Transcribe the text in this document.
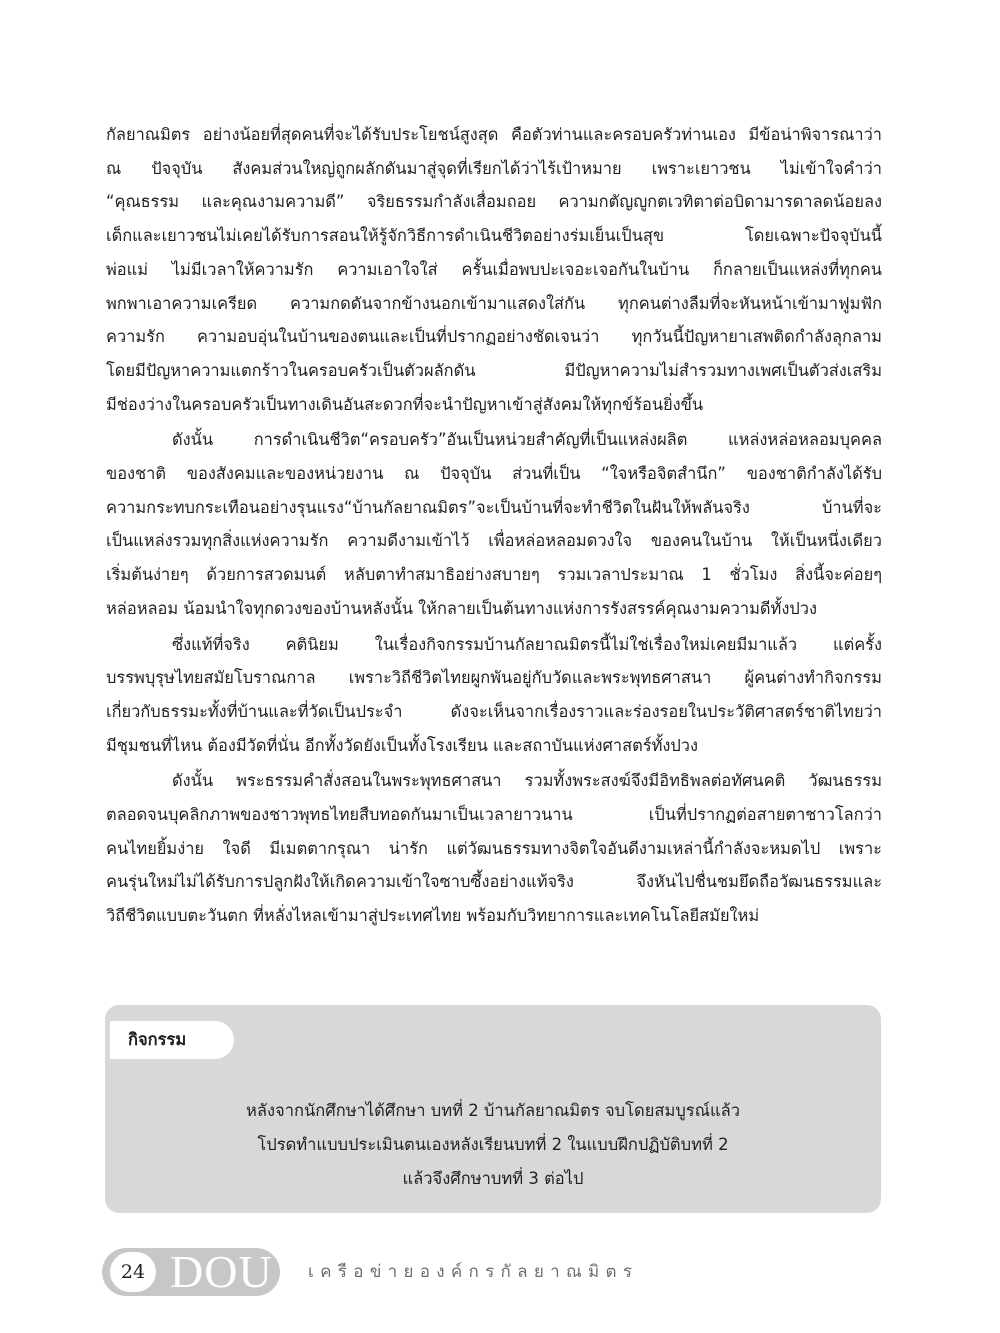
กัลยาณมิตร อย่างน้อยที่สุดคนที่จะได้รับประโยชน์สูงสุด คือตัวท่านและครอบครัวท่านเอง มีข้อน่าพิจารณาว่า
ณ ปัจจุบัน สังคมส่วนใหญ่ถูกผลักดันมาสู่จุดที่เรียกได้ว่าไร้เป้าหมาย เพราะเยาวชน ไม่เข้าใจคำว่า
“คุณธรรม และคุณงามความดี” จริยธรรมกำลังเสื่อมถอย ความกตัญญูกตเวทิตาต่อบิดามารดาลดน้อยลง
เด็กและเยาวชนไม่เคยได้รับการสอนให้รู้จักวิธีการดำเนินชีวิตอย่างร่มเย็นเป็นสุข โดยเฉพาะปัจจุบันนี้
พ่อแม่ ไม่มีเวลาให้ความรัก ความเอาใจใส่ ครั้นเมื่อพบปะเจอะเจอกันในบ้าน ก็กลายเป็นแหล่งที่ทุกคน
พกพาเอาความเครียด ความกดดันจากข้างนอกเข้ามาแสดงใส่กัน ทุกคนต่างลืมที่จะหันหน้าเข้ามาฟูมฟัก
ความรัก ความอบอุ่นในบ้านของตนและเป็นที่ปรากฏอย่างชัดเจนว่า ทุกวันนี้ปัญหายาเสพติดกำลังลุกลาม
โดยมีปัญหาความแตกร้าวในครอบครัวเป็นตัวผลักดัน มีปัญหาความไม่สำรวมทางเพศเป็นตัวส่งเสริม
มีช่องว่างในครอบครัวเป็นทางเดินอันสะดวกที่จะนำปัญหาเข้าสู่สังคมให้ทุกข์ร้อนยิ่งขึ้น
ดังนั้น การดำเนินชีวิต“ครอบครัว”อันเป็นหน่วยสำคัญที่เป็นแหล่งผลิต แหล่งหล่อหลอมบุคคล
ของชาติ ของสังคมและของหน่วยงาน ณ ปัจจุบัน ส่วนที่เป็น “ใจหรือจิตสำนึก” ของชาติกำลังได้รับ
ความกระทบกระเทือนอย่างรุนแรง“บ้านกัลยาณมิตร”จะเป็นบ้านที่จะทำชีวิตในฝันให้พลันจริง บ้านที่จะ
เป็นแหล่งรวมทุกสิ่งแห่งความรัก ความดีงามเข้าไว้ เพื่อหล่อหลอมดวงใจ ของคนในบ้าน ให้เป็นหนึ่งเดียว
เริ่มต้นง่ายๆ ด้วยการสวดมนต์ หลับตาทำสมาธิอย่างสบายๆ รวมเวลาประมาณ 1 ชั่วโมง สิ่งนี้จะค่อยๆ
หล่อหลอม น้อมนำใจทุกดวงของบ้านหลังนั้น ให้กลายเป็นต้นทางแห่งการรังสรรค์คุณงามความดีทั้งปวง
ซึ่งแท้ที่จริง คตินิยม ในเรื่องกิจกรรมบ้านกัลยาณมิตรนี้ไม่ใช่เรื่องใหม่เคยมีมาแล้ว แต่ครั้ง
บรรพบุรุษไทยสมัยโบราณกาล เพราะวิถีชีวิตไทยผูกพันอยู่กับวัดและพระพุทธศาสนา ผู้คนต่างทำกิจกรรม
เกี่ยวกับธรรมะทั้งที่บ้านและที่วัดเป็นประจำ ดังจะเห็นจากเรื่องราวและร่องรอยในประวัติศาสตร์ชาติไทยว่า
มีชุมชนที่ไหน ต้องมีวัดที่นั่น อีกทั้งวัดยังเป็นทั้งโรงเรียน และสถาบันแห่งศาสตร์ทั้งปวง
ดังนั้น พระธรรมคำสั่งสอนในพระพุทธศาสนา รวมทั้งพระสงฆ์จึงมีอิทธิพลต่อทัศนคติ วัฒนธรรม
ตลอดจนบุคลิกภาพของชาวพุทธไทยสืบทอดกันมาเป็นเวลายาวนาน เป็นที่ปรากฏต่อสายตาชาวโลกว่า
คนไทยยิ้มง่าย ใจดี มีเมตตากรุณา น่ารัก แต่วัฒนธรรมทางจิตใจอันดีงามเหล่านี้กำลังจะหมดไป เพราะ
คนรุ่นใหม่ไม่ได้รับการปลูกฝังให้เกิดความเข้าใจซาบซึ้งอย่างแท้จริง จึงหันไปชื่นชมยึดถือวัฒนธรรมและ
วิถีชีวิตแบบตะวันตก ที่หลั่งไหลเข้ามาสู่ประเทศไทย พร้อมกับวิทยาการและเทคโนโลยีสมัยใหม่
กิจกรรม
หลังจากนักศึกษาได้ศึกษา บทที่ 2 บ้านกัลยาณมิตร จบโดยสมบูรณ์แล้ว
โปรดทำแบบประเมินตนเองหลังเรียนบทที่ 2 ในแบบฝึกปฏิบัติบทที่ 2
แล้วจึงศึกษาบทที่ 3 ต่อไป
24 DOU เครือข่ายองค์กรกัลยาณมิตร
